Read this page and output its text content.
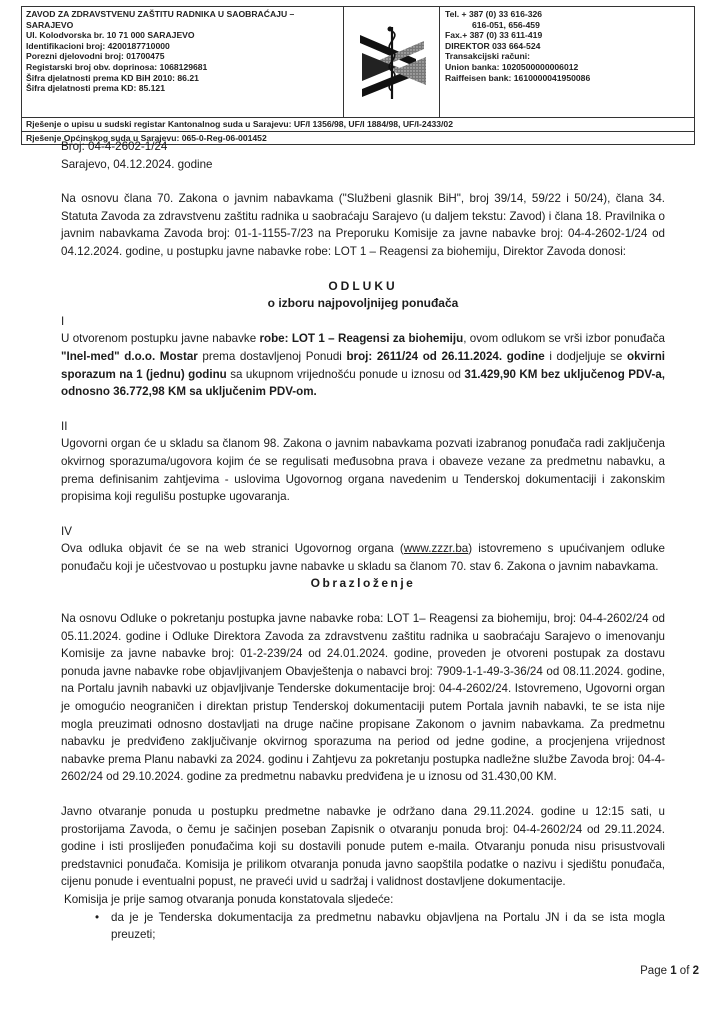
ZAVOD ZA ZDRAVSTVENU ZAŠTITU RADNIKA U SAOBRAĆAJU –
SARAJEVO
Ul. Kolodvorska br. 10 71 000 SARAJEVO
Identifikacioni broj: 4200187710000
Porezni djelovodni broj: 01700475
Registarski broj obv. doprinosa: 1068129681
Šifra djelatnosti prema KD BiH 2010: 86.21
Šifra djelatnosti prema KD: 85.121
Tel. + 387 (0) 33 616-326
616-051, 656-459
Fax.+ 387 (0) 33 611-419
DIREKTOR 033 664-524
Transakcijski računi:
Union banka: 1020500000006012
Raiffeisen bank: 1610000041950086
Rješenje o upisu u sudski registar Kantonalnog suda u Sarajevu: UF/I 1356/98, UF/I 1884/98, UF/I-2433/02
Rješenje Općinskog suda u Sarajevu: 065-0-Reg-06-001452

Broj: 04-4-2602-1/24

Sarajevo, 04.12.2024. godine

Na osnovu člana 70. Zakona o javnim nabavkama ("Službeni glasnik BiH", broj 39/14, 59/22 i 50/24), člana 34. Statuta Zavoda za zdravstvenu zaštitu radnika u saobraćaju Sarajevo (u daljem tekstu: Zavod) i člana 18. Pravilnika o javnim nabavkama Zavoda broj: 01-1-1155-7/23 na Preporuku Komisije za javne nabavke broj: 04-4-2602-1/24 od 04.12.2024. godine, u postupku javne nabavke robe: LOT 1 – Reagensi za biohemiju, Direktor Zavoda donosi:

ODLUKU

o izboru najpovoljnijeg ponuđača

I

U otvorenom postupku javne nabavke robe: LOT 1 – Reagensi za biohemiju, ovom odlukom se vrši izbor ponuđača "Inel-med" d.o.o. Mostar prema dostavljenoj Ponudi broj: 2611/24 od 26.11.2024. godine i dodjeljuje se okvirni sporazum na 1 (jednu) godinu sa ukupnom vrijednošću ponude u iznosu od 31.429,90 KM bez uključenog PDV-a, odnosno 36.772,98 KM sa uključenim PDV-om.

II

Ugovorni organ će u skladu sa članom 98. Zakona o javnim nabavkama pozvati izabranog ponuđača radi zaključenja okvirnog sporazuma/ugovora kojim će se regulisati međusobna prava i obaveze vezane za predmetnu nabavku, a prema definisanim zahtjevima - uslovima Ugovornog organa navedenim u Tenderskoj dokumentaciji i zakonskim propisima koji regulišu postupke ugovaranja.

IV

Ova odluka objavit će se na web stranici Ugovornog organa (www.zzzr.ba) istovremeno s upućivanjem odluke ponuđaču koji je učestvovao u postupku javne nabavke u skladu sa članom 70. stav 6. Zakona o javnim nabavkama.

Obrazloženje

Na osnovu Odluke o pokretanju postupka javne nabavke roba: LOT 1– Reagensi za biohemiju, broj: 04-4-2602/24 od 05.11.2024. godine i Odluke Direktora Zavoda za zdravstvenu zaštitu radnika u saobraćaju Sarajevo o imenovanju Komisije za javne nabavke broj: 01-2-239/24 od 24.01.2024. godine, proveden je otvoreni postupak za dostavu ponuda javne nabavke robe objavljivanjem Obavještenja o nabavci broj: 7909-1-1-49-3-36/24 od 08.11.2024. godine, na Portalu javnih nabavki uz objavljivanje Tenderske dokumentacije broj: 04-4-2602/24. Istovremeno, Ugovorni organ je omogućio neograničen i direktan pristup Tenderskoj dokumentaciji putem Portala javnih nabavki, te se ista nije mogla preuzimati odnosno dostavljati na druge načine propisane Zakonom o javnim nabavkama. Za predmetnu nabavku je predviđeno zaključivanje okvirnog sporazuma na period od jedne godine, a procjenjena vrijednost nabavke prema Planu nabavki za 2024. godinu i Zahtjevu za pokretanju postupka nadležne službe Zavoda broj: 04-4-2602/24 od 29.10.2024. godine za predmetnu nabavku predviđena je u iznosu od 31.430,00 KM.

Javno otvaranje ponuda u postupku predmetne nabavke je održano dana 29.11.2024. godine u 12:15 sati, u prostorijama Zavoda, o čemu je sačinjen poseban Zapisnik o otvaranju ponuda broj: 04-4-2602/24 od 29.11.2024. godine i isti proslijeđen ponuđačima koji su dostavili ponude putem e-maila. Otvaranju ponuda nisu prisustvovali predstavnici ponuđača. Komisija je prilikom otvaranja ponuda javno saopštila podatke o nazivu i sjedištu ponuđača, cijenu ponude i eventualni popust, ne praveći uvid u sadržaj i validnost dostavljene dokumentacije.

Komisija je prije samog otvaranja ponuda konstatovala sljedeće:

• da je je Tenderska dokumentacija za predmetnu nabavku objavljena na Portalu JN i da se ista mogla preuzeti;

Page 1 of 2
